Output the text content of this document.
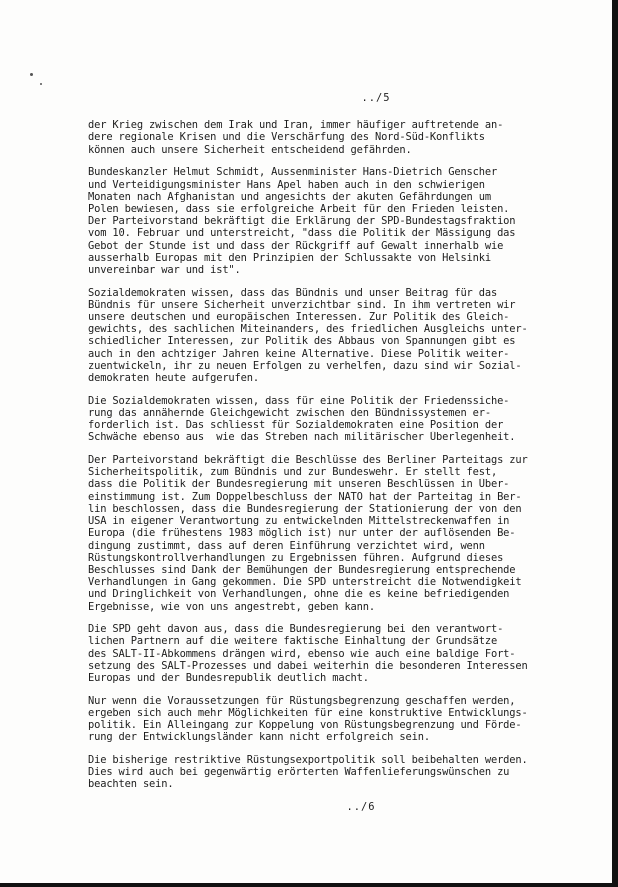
../5
der Krieg zwischen dem Irak und Iran, immer häufiger auftretende an-
dere regionale Krisen und die Verschärfung des Nord-Süd-Konflikts
können auch unsere Sicherheit entscheidend gefährden.
Bundeskanzler Helmut Schmidt, Aussenminister Hans-Dietrich Genscher
und Verteidigungsminister Hans Apel haben auch in den schwierigen
Monaten nach Afghanistan und angesichts der akuten Gefährdungen um
Polen bewiesen, dass sie erfolgreiche Arbeit für den Frieden leisten.
Der Parteivorstand bekräftigt die Erklärung der SPD-Bundestagsfraktion
vom 10. Februar und unterstreicht, "dass die Politik der Mässigung das
Gebot der Stunde ist und dass der Rückgriff auf Gewalt innerhalb wie
ausserhalb Europas mit den Prinzipien der Schlussakte von Helsinki
unvereinbar war und ist".
Sozialdemokraten wissen, dass das Bündnis und unser Beitrag für das
Bündnis für unsere Sicherheit unverzichtbar sind. In ihm vertreten wir
unsere deutschen und europäischen Interessen. Zur Politik des Gleich-
gewichts, des sachlichen Miteinanders, des friedlichen Ausgleichs unter-
schiedlicher Interessen, zur Politik des Abbaus von Spannungen gibt es
auch in den achtziger Jahren keine Alternative. Diese Politik weiter-
zuentwickeln, ihr zu neuen Erfolgen zu verhelfen, dazu sind wir Sozial-
demokraten heute aufgerufen.
Die Sozialdemokraten wissen, dass für eine Politik der Friedenssiche-
rung das annähernde Gleichgewicht zwischen den Bündnissystemen er-
forderlich ist. Das schliesst für Sozialdemokraten eine Position der
Schwäche ebenso aus  wie das Streben nach militärischer Überlegenheit.
Der Parteivorstand bekräftigt die Beschlüsse des Berliner Parteitags zur
Sicherheitspolitik, zum Bündnis und zur Bundeswehr. Er stellt fest,
dass die Politik der Bundesregierung mit unseren Beschlüssen in Über-
einstimmung ist. Zum Doppelbeschluss der NATO hat der Parteitag in Ber-
lin beschlossen, dass die Bundesregierung der Stationierung der von den
USA in eigener Verantwortung zu entwickelnden Mittelstreckenwaffen in
Europa (die frühestens 1983 möglich ist) nur unter der auflösenden Be-
dingung zustimmt, dass auf deren Einführung verzichtet wird, wenn
Rüstungskontrollverhandlungen zu Ergebnissen führen. Aufgrund dieses
Beschlusses sind Dank der Bemühungen der Bundesregierung entsprechende
Verhandlungen in Gang gekommen. Die SPD unterstreicht die Notwendigkeit
und Dringlichkeit von Verhandlungen, ohne die es keine befriedigenden
Ergebnisse, wie von uns angestrebt, geben kann.
Die SPD geht davon aus, dass die Bundesregierung bei den verantwort-
lichen Partnern auf die weitere faktische Einhaltung der Grundsätze
des SALT-II-Abkommens drängen wird, ebenso wie auch eine baldige Fort-
setzung des SALT-Prozesses und dabei weiterhin die besonderen Interessen
Europas und der Bundesrepublik deutlich macht.
Nur wenn die Voraussetzungen für Rüstungsbegrenzung geschaffen werden,
ergeben sich auch mehr Möglichkeiten für eine konstruktive Entwicklungs-
politik. Ein Alleingang zur Koppelung von Rüstungsbegrenzung und Förde-
rung der Entwicklungsländer kann nicht erfolgreich sein.
Die bisherige restriktive Rüstungsexportpolitik soll beibehalten werden.
Dies wird auch bei gegenwärtig erörterten Waffenlieferungswünschen zu
beachten sein.
../6
